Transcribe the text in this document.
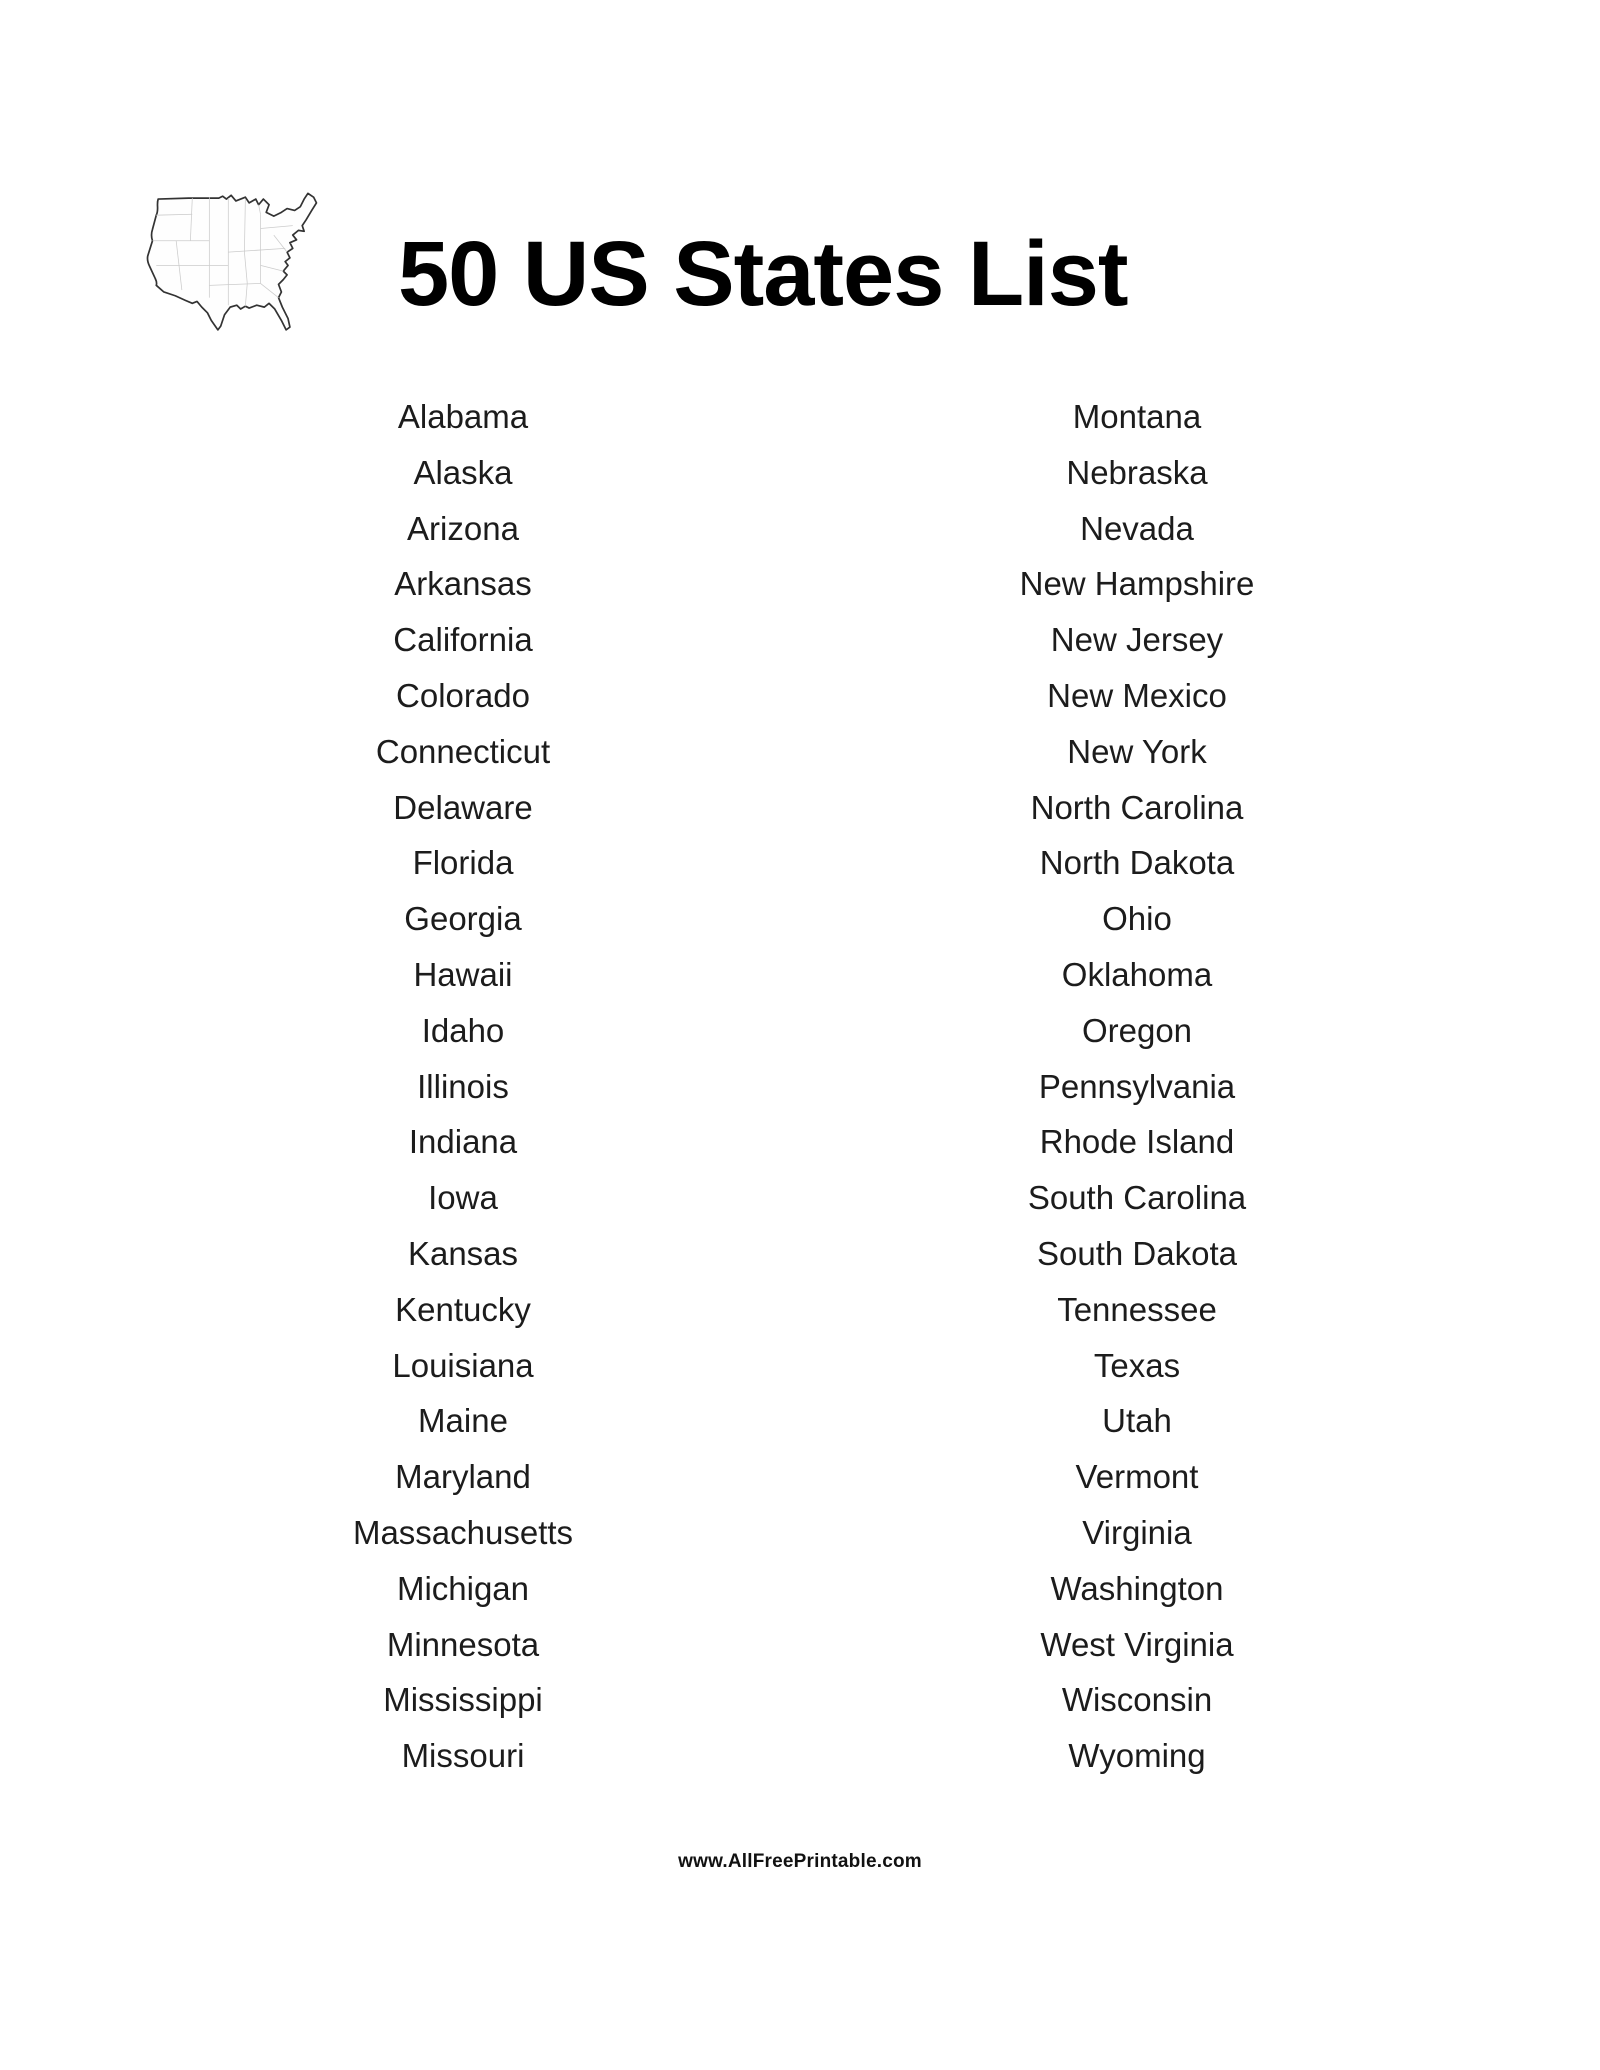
50 US States List
Alabama
Alaska
Arizona
Arkansas
California
Colorado
Connecticut
Delaware
Florida
Georgia
Hawaii
Idaho
Illinois
Indiana
Iowa
Kansas
Kentucky
Louisiana
Maine
Maryland
Massachusetts
Michigan
Minnesota
Mississippi
Missouri
Montana
Nebraska
Nevada
New Hampshire
New Jersey
New Mexico
New York
North Carolina
North Dakota
Ohio
Oklahoma
Oregon
Pennsylvania
Rhode Island
South Carolina
South Dakota
Tennessee
Texas
Utah
Vermont
Virginia
Washington
West Virginia
Wisconsin
Wyoming
www.AllFreePrintable.com
